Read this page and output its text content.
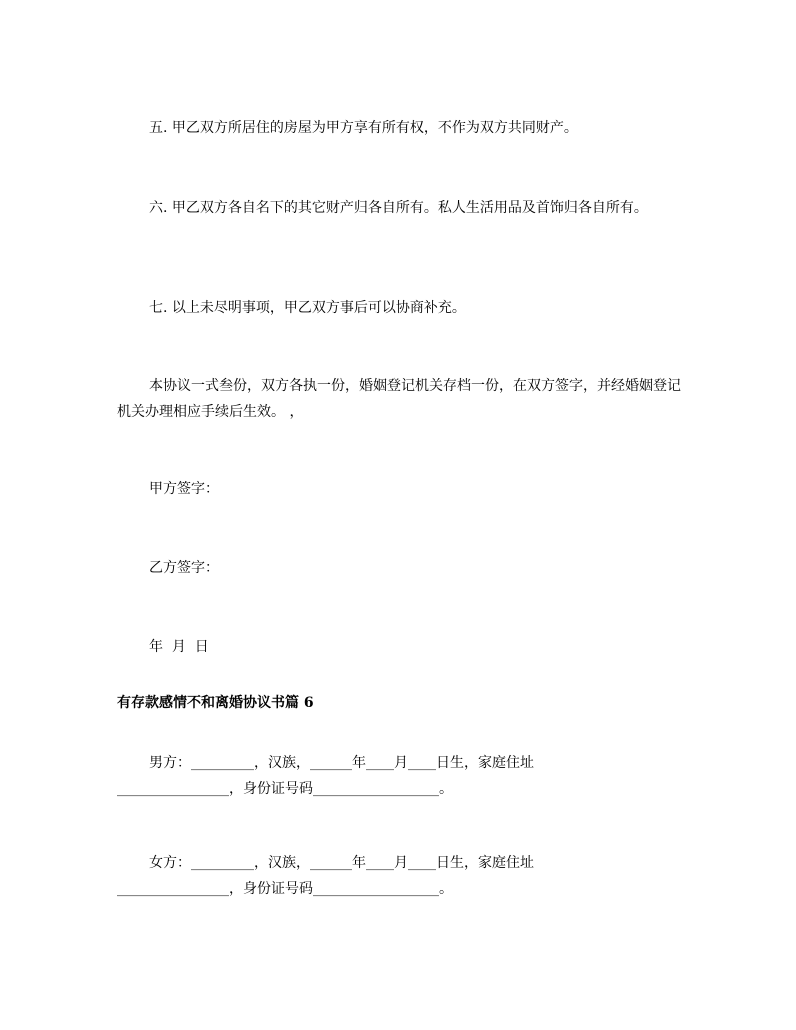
五. 甲乙双方所居住的房屋为甲方享有所有权，不作为双方共同财产。

六. 甲乙双方各自名下的其它财产归各自所有。私人生活用品及首饰归各自所有。

七. 以上未尽明事项，甲乙双方事后可以协商补充。

本协议一式叁份，双方各执一份，婚姻登记机关存档一份，在双方签字，并经婚姻登记机关办理相应手续后生效。 ，

甲方签字：

乙方签字：

年  月  日

有存款感情不和离婚协议书篇 6

男方：_________，汉族，______年____月____日生，家庭住址
________________，身份证号码__________________。
女方：_________，汉族，______年____月____日生，家庭住址
________________，身份证号码__________________。
